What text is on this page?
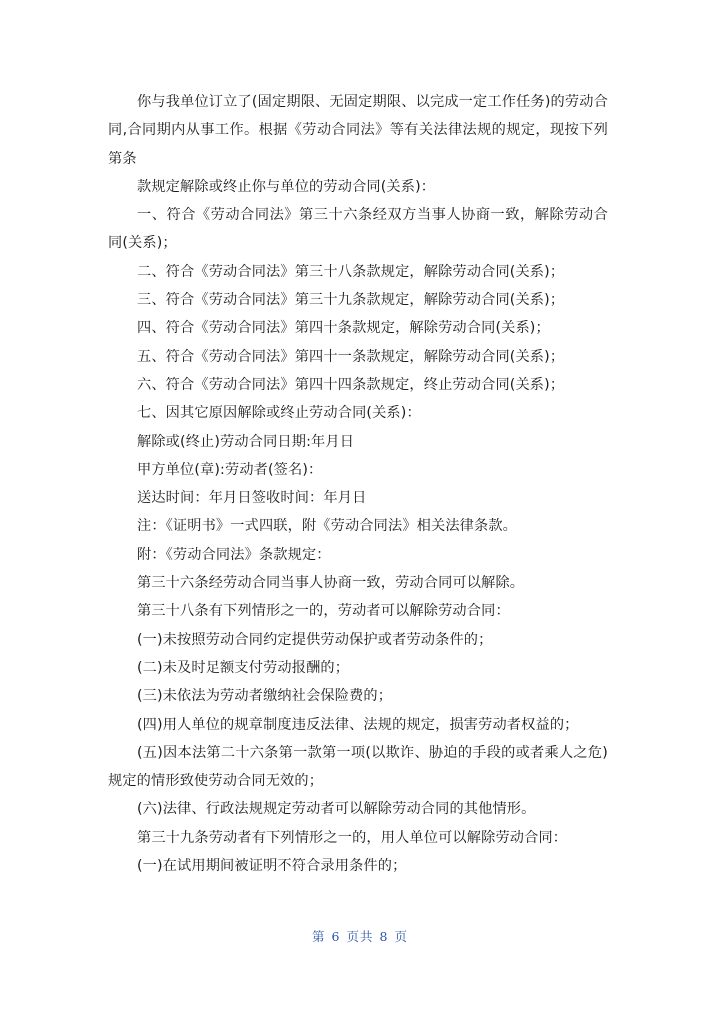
你与我单位订立了(固定期限、无固定期限、以完成一定工作任务)的劳动合同,合同期内从事工作。根据《劳动合同法》等有关法律法规的规定，现按下列第条

款规定解除或终止你与单位的劳动合同(关系)：

一、符合《劳动合同法》第三十六条经双方当事人协商一致，解除劳动合同(关系)；

二、符合《劳动合同法》第三十八条款规定，解除劳动合同(关系)；

三、符合《劳动合同法》第三十九条款规定，解除劳动合同(关系)；

四、符合《劳动合同法》第四十条款规定，解除劳动合同(关系)；

五、符合《劳动合同法》第四十一条款规定，解除劳动合同(关系)；

六、符合《劳动合同法》第四十四条款规定，终止劳动合同(关系)；

七、因其它原因解除或终止劳动合同(关系)：

解除或(终止)劳动合同日期:年月日

甲方单位(章):劳动者(签名)：

送达时间：年月日签收时间：年月日

注：《证明书》一式四联，附《劳动合同法》相关法律条款。

附：《劳动合同法》条款规定：

第三十六条经劳动合同当事人协商一致，劳动合同可以解除。

第三十八条有下列情形之一的，劳动者可以解除劳动合同：

(一)未按照劳动合同约定提供劳动保护或者劳动条件的；

(二)未及时足额支付劳动报酬的；

(三)未依法为劳动者缴纳社会保险费的；

(四)用人单位的规章制度违反法律、法规的规定，损害劳动者权益的；

(五)因本法第二十六条第一款第一项(以欺诈、胁迫的手段的或者乘人之危)规定的情形致使劳动合同无效的；

(六)法律、行政法规规定劳动者可以解除劳动合同的其他情形。

第三十九条劳动者有下列情形之一的，用人单位可以解除劳动合同：

(一)在试用期间被证明不符合录用条件的；

第 6 页共 8 页
